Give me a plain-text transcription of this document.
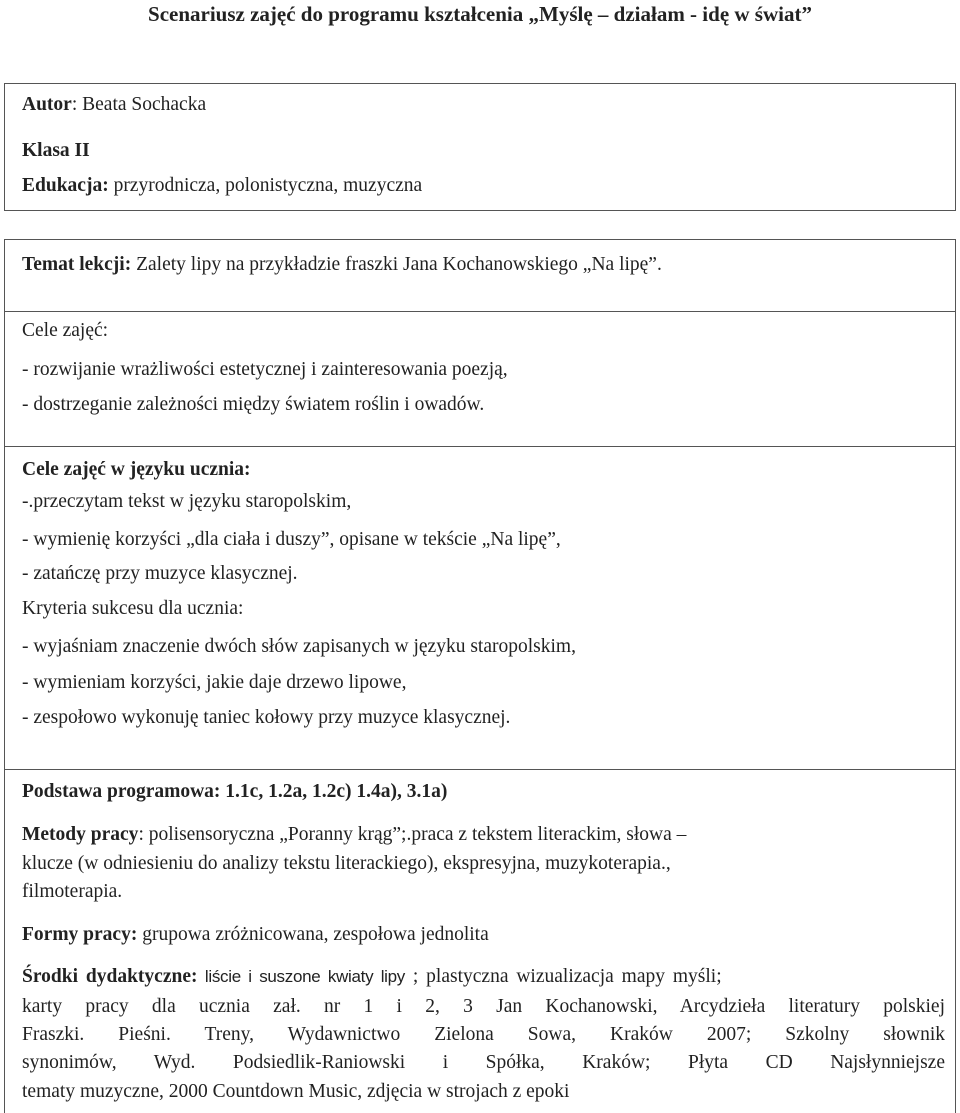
Scenariusz zajęć do programu kształcenia „Myślę – działam - idę w świat”
Autor: Beata Sochacka
Klasa II
Edukacja: przyrodnicza, polonistyczna, muzyczna
Temat lekcji: Zalety lipy na przykładzie fraszki Jana Kochanowskiego „Na lipę”.
Cele zajęć:
- rozwijanie wrażliwości estetycznej i zainteresowania poezją,
- dostrzeganie zależności między światem roślin i owadów.
Cele zajęć w języku ucznia:
-.przeczytam tekst w języku staropolskim,
- wymienię korzyści „dla ciała i duszy”, opisane w tekście „Na lipę”,
- zatańczę przy muzyce klasycznej.
Kryteria sukcesu dla ucznia:
- wyjaśniam znaczenie dwóch słów zapisanych w języku staropolskim,
- wymieniam korzyści, jakie daje drzewo lipowe,
- zespołowo wykonuję taniec kołowy przy muzyce klasycznej.
Podstawa programowa: 1.1c, 1.2a, 1.2c) 1.4a), 3.1a)
Metody pracy: polisensoryczna „Poranny krąg”;.praca z tekstem literackim, słowa –
klucze (w odniesieniu do analizy tekstu literackiego), ekspresyjna, muzykoterapia.,
filmoterapia.
Formy pracy: grupowa zróżnicowana, zespołowa jednolita
Środki dydaktyczne: liście i suszone kwiaty lipy ; plastyczna wizualizacja mapy myśli;
karty pracy dla ucznia zał. nr 1 i 2, 3 Jan Kochanowski, Arcydzieła literatury polskiej
Fraszki. Pieśni. Treny, Wydawnictwo Zielona Sowa, Kraków 2007; Szkolny słownik
synonimów, Wyd. Podsiedlik-Raniowski i Spółka, Kraków; Płyta CD Najsłynniejsze
tematy muzyczne, 2000 Countdown Music, zdjęcia w strojach z epoki
